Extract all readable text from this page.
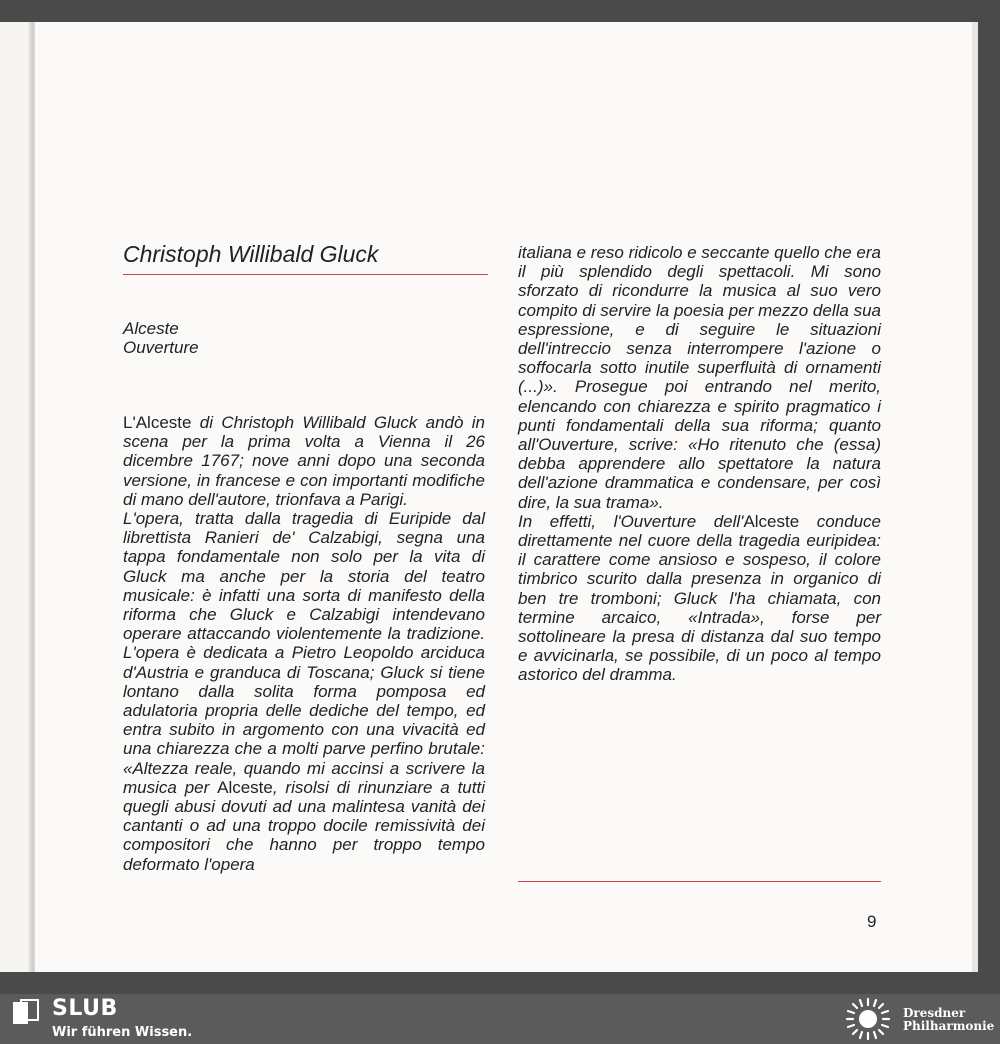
Christoph Willibald Gluck
Alceste
Ouverture

L'Alceste di Christoph Willibald Gluck andò in scena per la prima volta a Vienna il 26 dicembre 1767; nove anni dopo una seconda versione, in francese e con importanti modifiche di mano dell'autore, trionfava a Parigi.

L'opera, tratta dalla tragedia di Euripide dal librettista Ranieri de' Calzabigi, segna una tappa fondamentale non solo per la vita di Gluck ma anche per la storia del teatro musicale: è infatti una sorta di manifesto della riforma che Gluck e Calzabigi intendevano operare attaccando violentemente la tradizione. L'opera è dedicata a Pietro Leopoldo arciduca d'Austria e granduca di Toscana; Gluck si tiene lontano dalla solita forma pomposa ed adulatoria propria delle dediche del tempo, ed entra subito in argomento con una vivacità ed una chiarezza che a molti parve perfino brutale: «Altezza reale, quando mi accinsi a scrivere la musica per Alceste, risolsi di rinunziare a tutti quegli abusi dovuti ad una malintesa vanità dei cantanti o ad una troppo docile remissività dei compositori che hanno per troppo tempo deformato l'opera

italiana e reso ridicolo e seccante quello che era il più splendido degli spettacoli. Mi sono sforzato di ricondurre la musica al suo vero compito di servire la poesia per mezzo della sua espressione, e di seguire le situazioni dell'intreccio senza interrompere l'azione o soffocarla sotto inutile superfluità di ornamenti (...)». Prosegue poi entrando nel merito, elencando con chiarezza e spirito pragmatico i punti fondamentali della sua riforma; quanto all'Ouverture, scrive: «Ho ritenuto che (essa) debba apprendere allo spettatore la natura dell'azione drammatica e condensare, per così dire, la sua trama».

In effetti, l'Ouverture dell'Alceste conduce direttamente nel cuore della tragedia euripidea: il carattere come ansioso e sospeso, il colore timbrico scurito dalla presenza in organico di ben tre tromboni; Gluck l'ha chiamata, con termine arcaico, «Intrada», forse per sottolineare la presa di distanza dal suo tempo e avvicinarla, se possibile, di un poco al tempo astorico del dramma.

9
SLUB
Wir führen Wissen.
Dresdner
Philharmonie
